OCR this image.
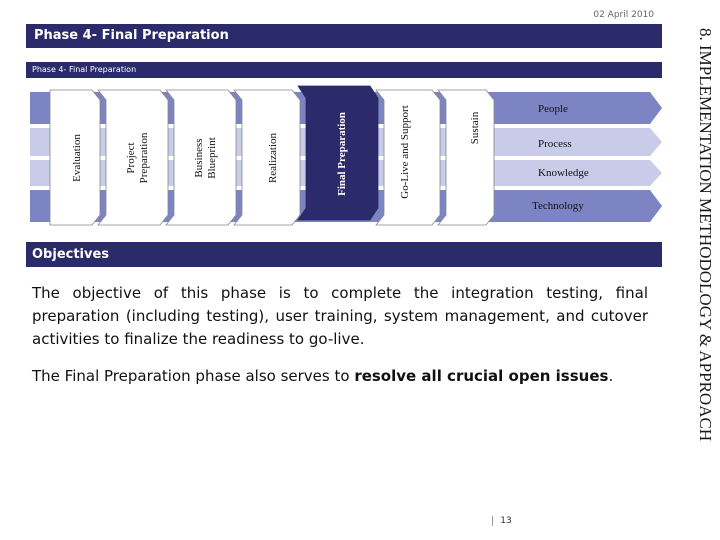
02 April 2010
Phase 4- Final Preparation	8. IMPLEMENTATION METHODOLOGY & APPROACH
Phase 4- Final Preparation
Evaluation	ProjectPreparation	BusinessBlueprint	Realization	Final Preparation	Go-Live and Support	Sustain
People
Process
Knowledge
Technology
Objectives
The objective of this phase is to complete the integration testing, final preparation (including testing), user training, system management, and cutover activities to finalize the readiness to go-live.
The Final Preparation phase also serves to resolve all crucial open issues.
13
